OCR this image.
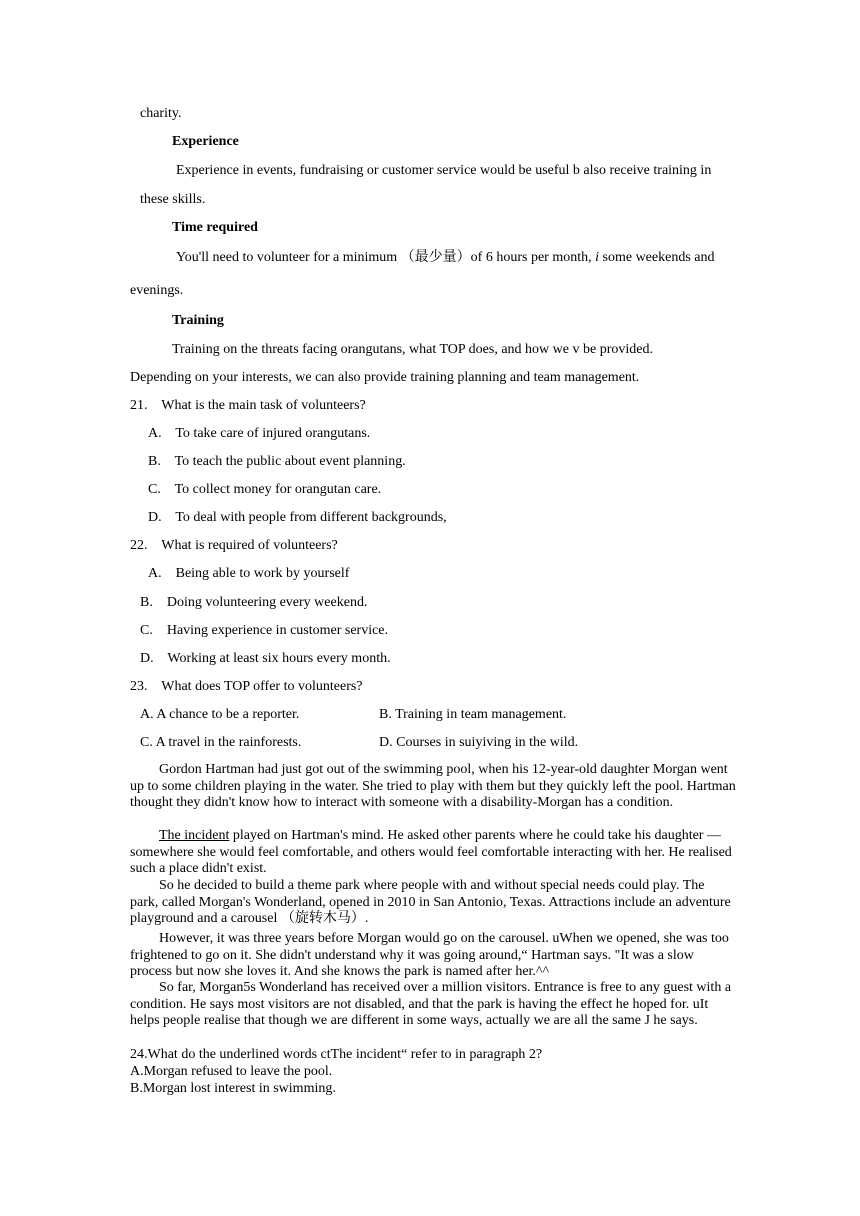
charity.
Experience
Experience in events, fundraising or customer service would be useful b also receive training in
these skills.
Time required
You'll need to volunteer for a minimum （最少量）of 6 hours per month, i some weekends and
evenings.
Training
Training on the threats facing orangutans, what TOP does, and how we v be provided.
Depending on your interests, we can also provide training planning and team management.
21.    What is the main task of volunteers?
A.    To take care of injured orangutans.
B.    To teach the public about event planning.
C.    To collect money for orangutan care.
D.    To deal with people from different backgrounds,
22.    What is required of volunteers?
A.    Being able to work by yourself
B.    Doing volunteering every weekend.
C.    Having experience in customer service.
D.    Working at least six hours every month.
23.    What does TOP offer to volunteers?
A. A chance to be a reporter.	B. Training in team management.
C. A travel in the rainforests.	D. Courses in suiyiving in the wild.
Gordon Hartman had just got out of the swimming pool, when his 12-year-old daughter Morgan went up to some children playing in the water. She tried to play with them but they quickly left the pool. Hartman thought they didn't know how to interact with someone with a disability-Morgan has a condition.
The incident played on Hartman's mind. He asked other parents where he could take his daughter —somewhere she would feel comfortable, and others would feel comfortable interacting with her. He realised such a place didn't exist.
So he decided to build a theme park where people with and without special needs could play. The park, called Morgan's Wonderland, opened in 2010 in San Antonio, Texas. Attractions include an adventure playground and a carousel （旋转木马）.
However, it was three years before Morgan would go on the carousel. uWhen we opened, she was too frightened to go on it. She didn't understand why it was going around,“ Hartman says. "It was a slow process but now she loves it. And she knows the park is named after her.^^
So far, Morgan5s Wonderland has received over a million visitors. Entrance is free to any guest with a condition. He says most visitors are not disabled, and that the park is having the effect he hoped for. uIt helps people realise that though we are different in some ways, actually we are all the same J he says.
24.What do the underlined words ctThe incident“ refer to in paragraph 2?
A.Morgan refused to leave the pool.
B.Morgan lost interest in swimming.
